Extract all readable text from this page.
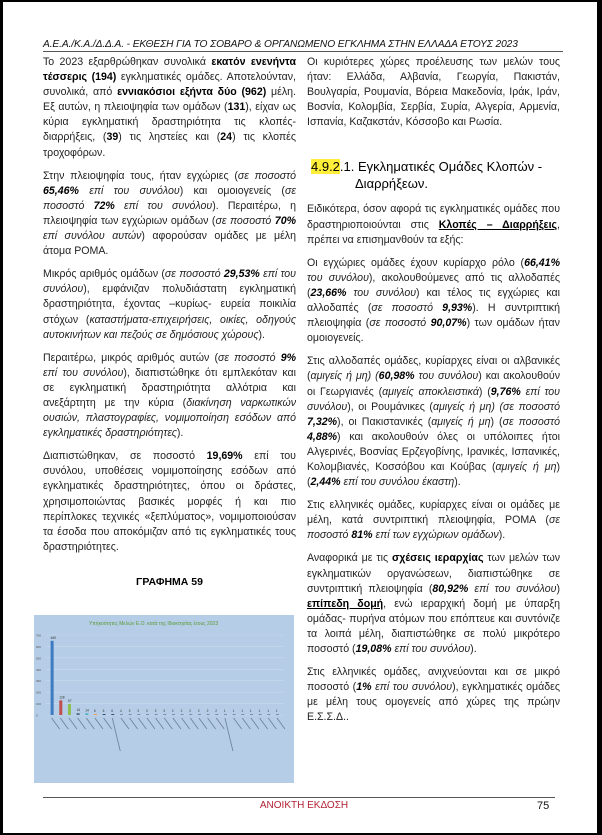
Α.Ε.Α./Κ.Α./Δ.Δ.Α. - ΕΚΘΕΣΗ ΓΙΑ ΤΟ ΣΟΒΑΡΟ & ΟΡΓΑΝΩΜΕΝΟ ΕΓΚΛΗΜΑ ΣΤΗΝ ΕΛΛΑΔΑ ΕΤΟΥΣ 2023

Το 2023 εξαρθρώθηκαν συνολικά εκατόν ενενήντα τέσσερις (194) εγκληματικές ομάδες. Αποτελούνταν, συνολικά, από εννιακόσιοι εξήντα δύο (962) μέλη. Εξ αυτών, η πλειοψηφία των ομάδων (131), είχαν ως κύρια εγκληματική δραστηριότητα τις κλοπές-διαρρήξεις, (39) τις ληστείες και (24) τις κλοπές τροχοφόρων.

Στην πλειοψηφία τους, ήταν εγχώριες (σε ποσοστό 65,46% επί του συνόλου) και ομοιογενείς (σε ποσοστό 72% επί του συνόλου). Περαιτέρω, η πλειοψηφία των εγχώριων ομάδων (σε ποσοστό 70% επί συνόλου αυτών) αφορούσαν ομάδες με μέλη άτομα ΡΟΜΑ.

Μικρός αριθμός ομάδων (σε ποσοστό 29,53% επί του συνόλου), εμφάνιζαν πολυδιάστατη εγκληματική δραστηριότητα, έχοντας –κυρίως- ευρεία ποικιλία στόχων (καταστήματα-επιχειρήσεις, οικίες, οδηγούς αυτοκινήτων και πεζούς σε δημόσιους χώρους).

Περαιτέρω, μικρός αριθμός αυτών (σε ποσοστό 9% επί του συνόλου), διαπιστώθηκε ότι εμπλεκόταν και σε εγκληματική δραστηριότητα αλλότρια και ανεξάρτητη με την κύρια (διακίνηση ναρκωτικών ουσιών, πλαστογραφίες, νομιμοποίηση εσόδων από εγκληματικές δραστηριότητες).

Διαπιστώθηκαν, σε ποσοστό 19,69% επί του συνόλου, υποθέσεις νομιμοποίησης εσόδων από εγκληματικές δραστηριότητες, όπου οι δράστες, χρησιμοποιώντας βασικές μορφές ή και πιο περίπλοκες τεχνικές «ξεπλύματος», νομιμοποιούσαν τα έσοδα που αποκόμιζαν από τις εγκληματικές τους δραστηριότητες.

ΓΡΑΦΗΜΑ 59

Οι κυριότερες χώρες προέλευσης των μελών τους ήταν: Ελλάδα, Αλβανία, Γεωργία, Πακιστάν, Βουλγαρία, Ρουμανία, Βόρεια Μακεδονία, Ιράκ, Ιράν, Βοσνία, Κολομβία, Σερβία, Συρία, Αλγερία, Αρμενία, Ισπανία, Καζακστάν, Κόσσοβο και Ρωσία.

4.9.2.1. Εγκληματικές Ομάδες Κλοπών -
Διαρρήξεων.

Ειδικότερα, όσον αφορά τις εγκληματικές ομάδες που δραστηριοποιούνται στις Κλοπές – Διαρρήξεις, πρέπει να επισημανθούν τα εξής:

Οι εγχώριες ομάδες έχουν κυρίαρχο ρόλο (66,41% του συνόλου), ακολουθούμενες από τις αλλοδαπές (23,66% του συνόλου) και τέλος τις εγχώριες και αλλοδαπές (σε ποσοστό 9,93%). Η συντριπτική πλειοψηφία (σε ποσοστό 90,07%) των ομάδων ήταν ομοιογενείς.

Στις αλλοδαπές ομάδες, κυρίαρχες είναι οι αλβανικές (αμιγείς ή μη) (60,98% του συνόλου) και ακολουθούν οι Γεωργιανές (αμιγείς αποκλειστικά) (9,76% επί του συνόλου), οι Ρουμάνικες (αμιγείς ή μη) (σε ποσοστό 7,32%), οι Πακιστανικές (αμιγείς ή μη) (σε ποσοστό 4,88%) και ακολουθούν όλες οι υπόλοιπες ήτοι Αλγερινές, Βοσνίας Ερζεγοβίνης, Ιρανικές, Ισπανικές, Κολομβιανές, Κοσσόβου και Κούβας (αμιγείς ή μη) (2,44% επί του συνόλου έκαστη).

Στις ελληνικές ομάδες, κυρίαρχες είναι οι ομάδες με μέλη, κατά συντριπτική πλειοψηφία, ΡΟΜΑ (σε ποσοστό 81% επί των εγχώριων ομάδων).

Αναφορικά με τις σχέσεις ιεραρχίας των μελών των εγκληματικών οργανώσεων, διαπιστώθηκε σε συντριπτική πλειοψηφία (80,92% επί του συνόλου) επίπεδη δομή, ενώ ιεραρχική δομή με ύπαρξη ομάδας- πυρήνα ατόμων που επόπτευε και συντόνιζε τα λοιπά μέλη, διαπιστώθηκε σε πολύ μικρότερο ποσοστό (19,08% επί του συνόλου).

Στις ελληνικές ομάδες, ανιχνεύονται και σε μικρό ποσοστό (1% επί του συνόλου), εγκληματικές ομάδες με μέλη τους ομογενείς από χώρες της πρώην Ε.Σ.Σ.Δ..

Υπηκοότητες Μελών Ε.Ο. κατά της Ιδιοκτησίας έτους 2023
0
100
200
300
400
500
600
700
649
128
97
16 14 6 6 6 4 3 3 3 3 3 2 2 2 2 2 2 1 1 1 1 1 1 1
ΑΝΟΙΚΤΗ ΕΚΔΟΣΗ	75
